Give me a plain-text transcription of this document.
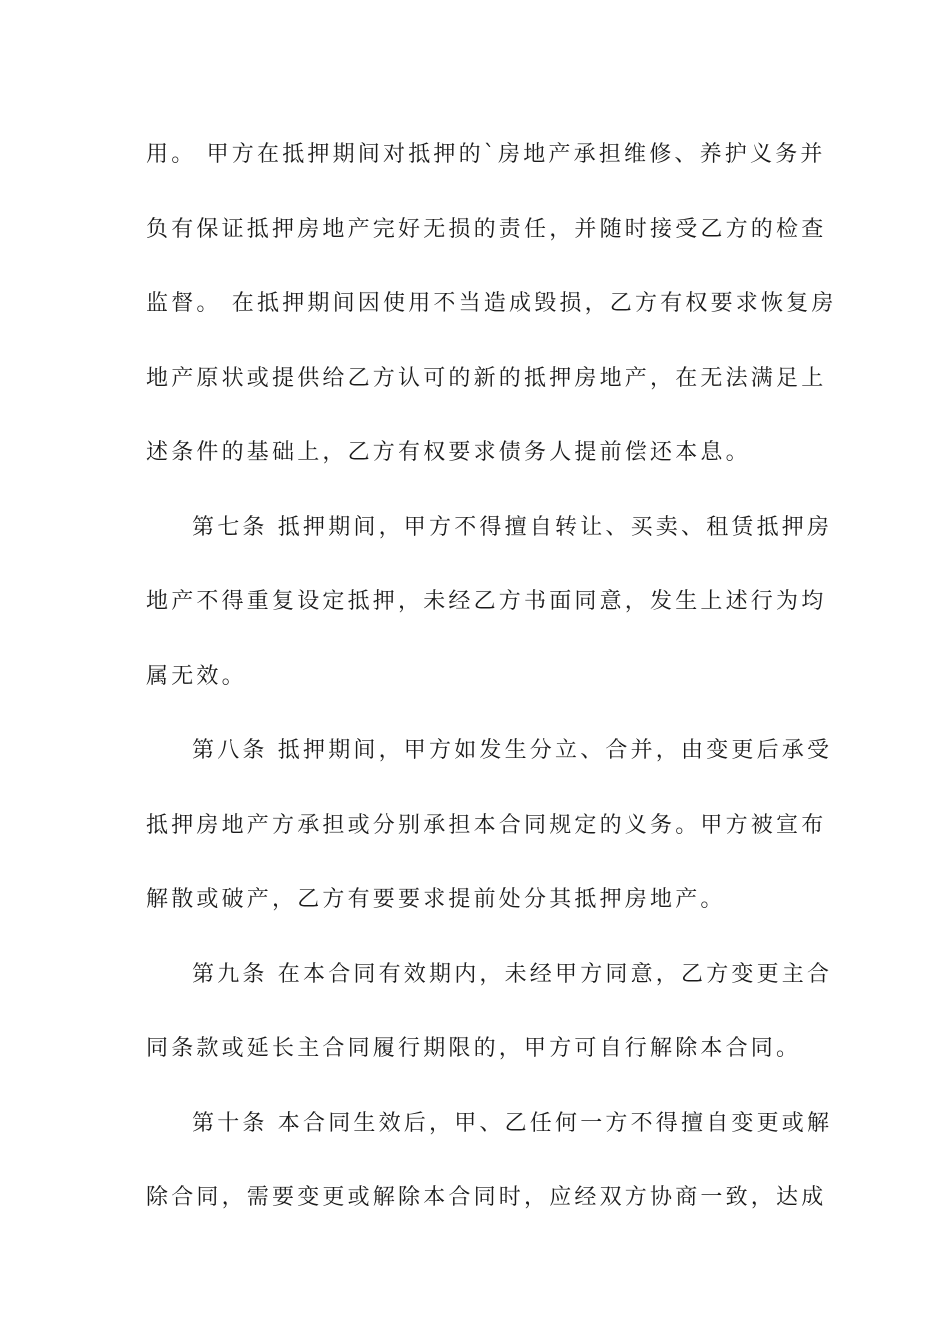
用。 甲方在抵押期间对抵押的`房地产承担维修、养护义务并
负有保证抵押房地产完好无损的责任，并随时接受乙方的检查
监督。 在抵押期间因使用不当造成毁损，乙方有权要求恢复房
地产原状或提供给乙方认可的新的抵押房地产，在无法满足上
述条件的基础上，乙方有权要求债务人提前偿还本息。
第七条 抵押期间，甲方不得擅自转让、买卖、租赁抵押房
地产不得重复设定抵押，未经乙方书面同意，发生上述行为均
属无效。
第八条 抵押期间，甲方如发生分立、合并，由变更后承受
抵押房地产方承担或分别承担本合同规定的义务。甲方被宣布
解散或破产，乙方有要要求提前处分其抵押房地产。
第九条 在本合同有效期内，未经甲方同意，乙方变更主合
同条款或延长主合同履行期限的，甲方可自行解除本合同。
第十条 本合同生效后，甲、乙任何一方不得擅自变更或解
除合同，需要变更或解除本合同时，应经双方协商一致，达成
